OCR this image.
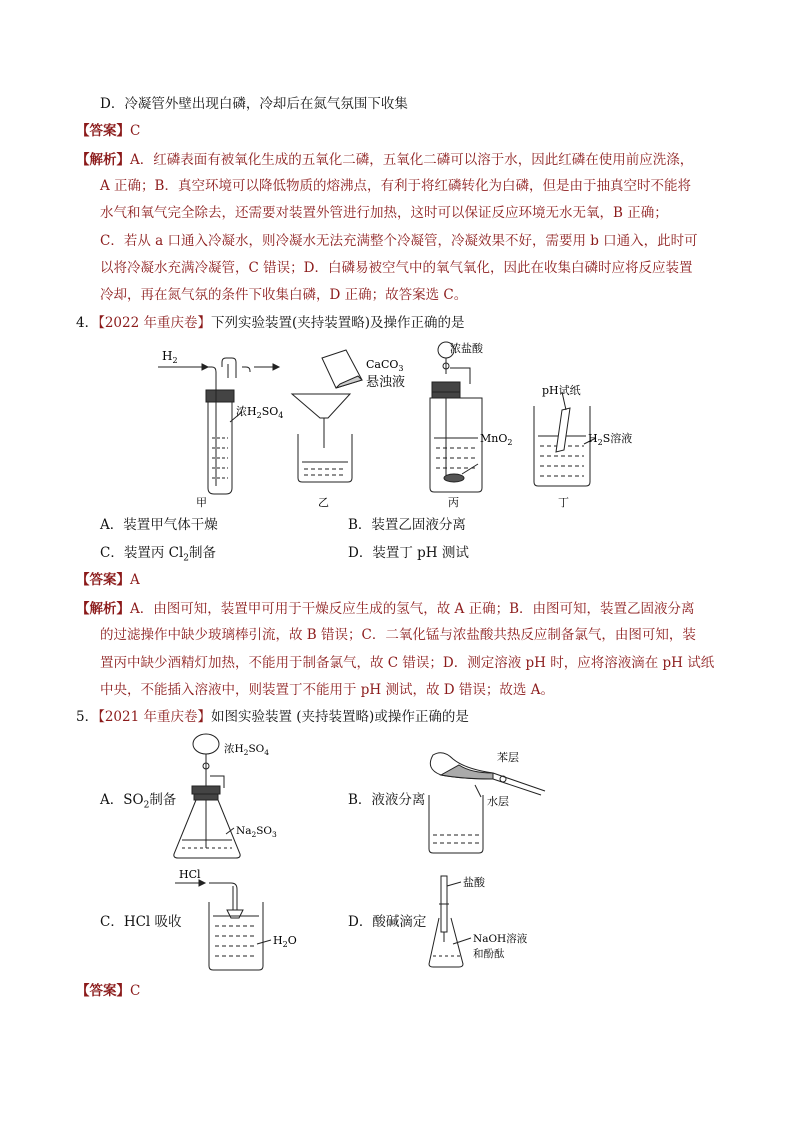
D．冷凝管外壁出现白磷，冷却后在氮气氛围下收集
【答案】C
【解析】A．红磷表面有被氧化生成的五氧化二磷，五氧化二磷可以溶于水，因此红磷在使用前应洗涤，
A 正确；B．真空环境可以降低物质的熔沸点，有利于将红磷转化为白磷，但是由于抽真空时不能将
水气和氧气完全除去，还需要对装置外管进行加热，这时可以保证反应环境无水无氧，B 正确；
C．若从 a 口通入冷凝水，则冷凝水无法充满整个冷凝管，冷凝效果不好，需要用 b 口通入，此时可
以将冷凝水充满冷凝管，C 错误；D．白磷易被空气中的氧气氧化，因此在收集白磷时应将反应装置
冷却，再在氮气氛的条件下收集白磷，D 正确；故答案选 C。
4．【2022 年重庆卷】下列实验装置(夹持装置略)及操作正确的是
$H_2$
浓$H_2SO_4$
甲
CaCO$_3$
悬浊液
乙
浓盐酸
MnO$_2$
丙
pH试纸
$H_2S$溶液
丁
A．装置甲气体干燥	B．装置乙固液分离
C．装置丙 $Cl_2$制备	D．装置丁 pH 测试
【答案】A
【解析】A．由图可知，装置甲可用于干燥反应生成的氢气，故 A 正确；B．由图可知，装置乙固液分离
的过滤操作中缺少玻璃棒引流，故 B 错误；C．二氧化锰与浓盐酸共热反应制备氯气，由图可知，装
置丙中缺少酒精灯加热，不能用于制备氯气，故 C 错误；D．测定溶液 pH 时，应将溶液滴在 pH 试纸
中央，不能插入溶液中，则装置丁不能用于 pH 测试，故 D 错误；故选 A。
5．【2021 年重庆卷】如图实验装置 (夹持装置略)或操作正确的是
浓$H_2SO_4$
$Na_2SO_3$
A．$SO_2$制备
苯层
水层
B．液液分离
HCl
$H_2O$
C．HCl 吸收
盐酸
NaOH溶液
和酚酞
D．酸碱滴定
【答案】C
